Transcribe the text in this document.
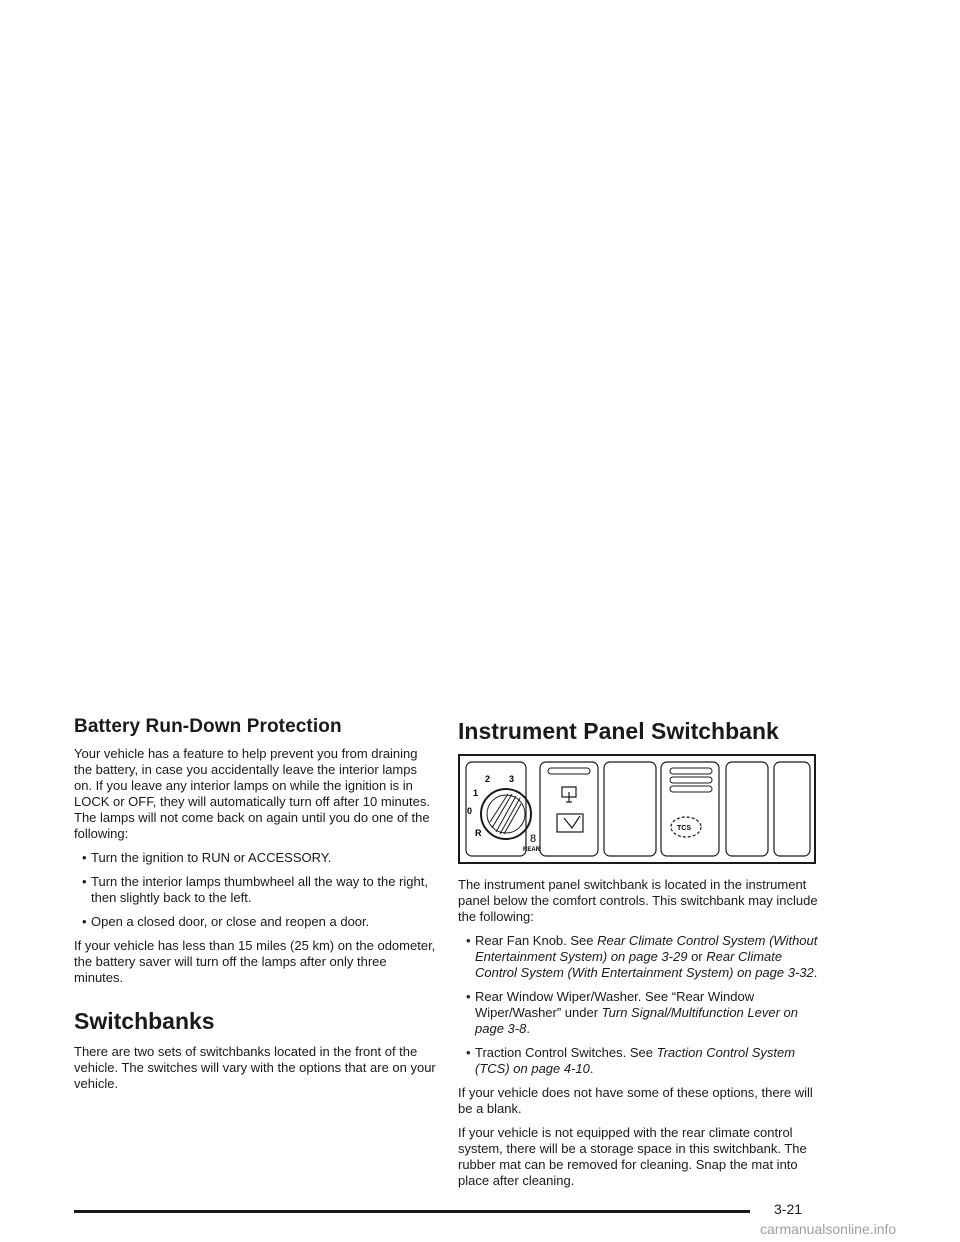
Battery Run-Down Protection

Your vehicle has a feature to help prevent you from draining the battery, in case you accidentally leave the interior lamps on. If you leave any interior lamps on while the ignition is in LOCK or OFF, they will automatically turn off after 10 minutes. The lamps will not come back on again until you do one of the following:

• Turn the ignition to RUN or ACCESSORY.
• Turn the interior lamps thumbwheel all the way to the right, then slightly back to the left.
• Open a closed door, or close and reopen a door.

If your vehicle has less than 15 miles (25 km) on the odometer, the battery saver will turn off the lamps after only three minutes.

Switchbanks

There are two sets of switchbanks located in the front of the vehicle. The switches will vary with the options that are on your vehicle.

Instrument Panel Switchbank
2 3
1
0
R	8
REAR
TCS

The instrument panel switchbank is located in the instrument panel below the comfort controls. This switchbank may include the following:

• Rear Fan Knob. See Rear Climate Control System (Without Entertainment System) on page 3-29 or Rear Climate Control System (With Entertainment System) on page 3-32.
• Rear Window Wiper/Washer. See “Rear Window Wiper/Washer” under Turn Signal/Multifunction Lever on page 3-8.
• Traction Control Switches. See Traction Control System (TCS) on page 4-10.

If your vehicle does not have some of these options, there will be a blank.

If your vehicle is not equipped with the rear climate control system, there will be a storage space in this switchbank. The rubber mat can be removed for cleaning. Snap the mat into place after cleaning.

3-21
carmanualsonline.info
